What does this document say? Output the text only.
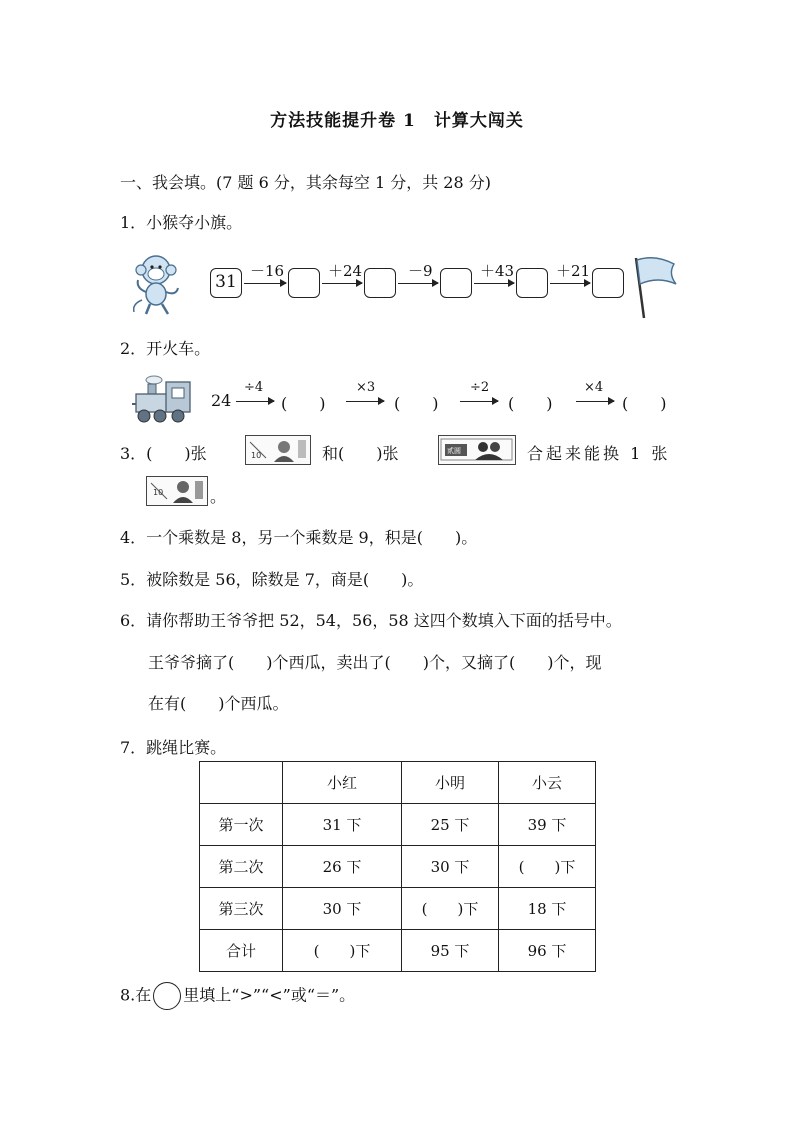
方法技能提升卷 1　计算大闯关
一、我会填。(7 题 6 分，其余每空 1 分，共 28 分)
1．小猴夺小旗。
31
－16	＋24	－9	＋43	＋21
2．开火车。
24
÷4
(　　)
×3
(　　)
÷2
(　　)
×4
(　　)
3．(　　)张	10	和(　　)张	贰圆	合起来能换 1 张
10	。
4．一个乘数是 8，另一个乘数是 9，积是(　　)。
5．被除数是 56，除数是 7，商是(　　)。
6．请你帮助王爷爷把 52，54，56，58 这四个数填入下面的括号中。
王爷爷摘了(　　)个西瓜，卖出了(　　)个，又摘了(　　)个，现
在有(　　)个西瓜。
7．跳绳比赛。
	小红	小明	小云
第一次	31 下	25 下	39 下
第二次	26 下	30 下	(　　)下
第三次	30 下	(　　)下	18 下
合计	(　　)下	95 下	96 下
8.在 里填上“>”“<”或“＝”。
